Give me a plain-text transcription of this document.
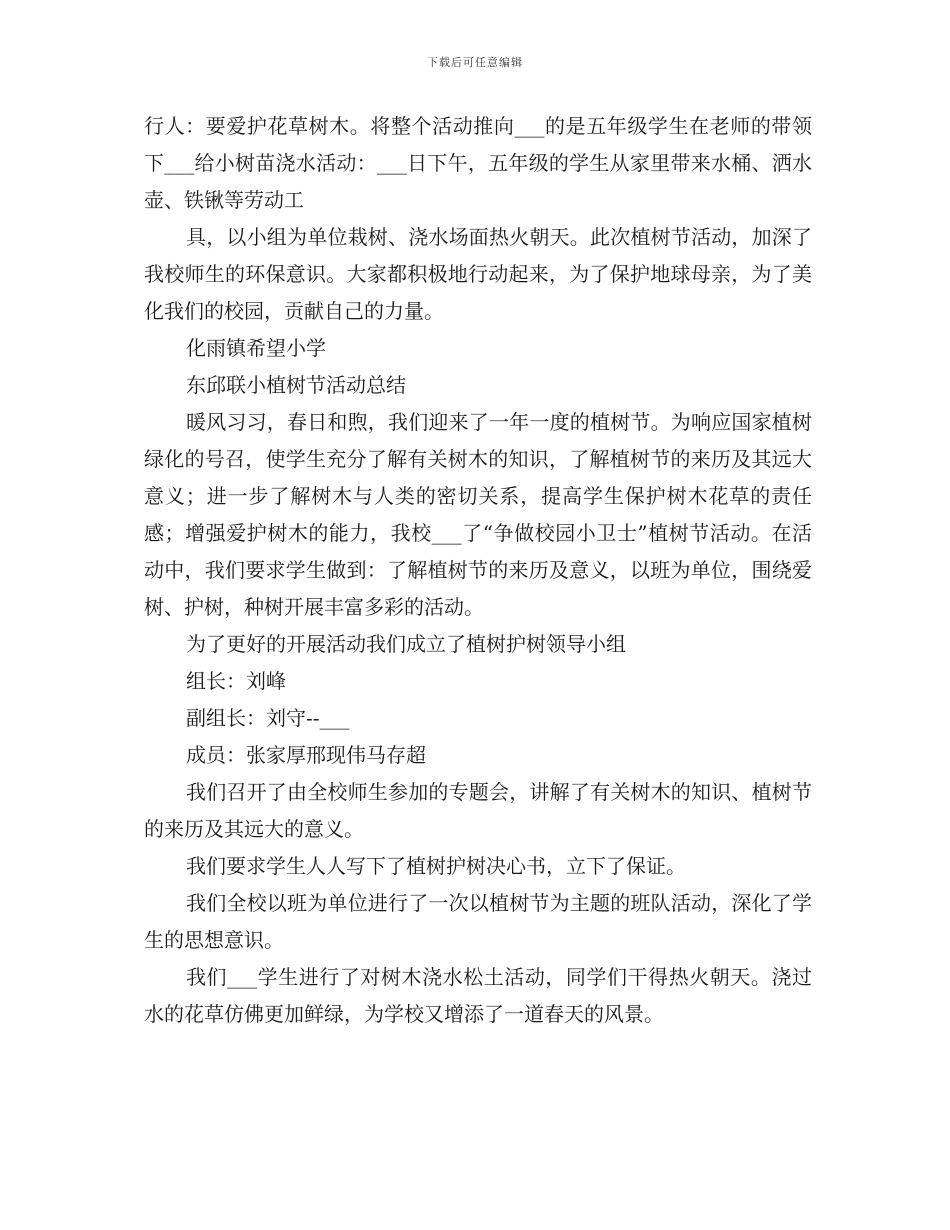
下载后可任意编辑

行人：要爱护花草树木。将整个活动推向___的是五年级学生在老师的带领下___给小树苗浇水活动：___日下午，五年级的学生从家里带来水桶、洒水壶、铁锹等劳动工

具，以小组为单位栽树、浇水场面热火朝天。此次植树节活动，加深了我校师生的环保意识。大家都积极地行动起来，为了保护地球母亲，为了美化我们的校园，贡献自己的力量。

化雨镇希望小学

东邱联小植树节活动总结

暖风习习，春日和煦，我们迎来了一年一度的植树节。为响应国家植树绿化的号召，使学生充分了解有关树木的知识，了解植树节的来历及其远大意义；进一步了解树木与人类的密切关系，提高学生保护树木花草的责任感；增强爱护树木的能力，我校___了“争做校园小卫士”植树节活动。在活动中，我们要求学生做到：了解植树节的来历及意义，以班为单位，围绕爱树、护树，种树开展丰富多彩的活动。

为了更好的开展活动我们成立了植树护树领导小组

组长：刘峰

副组长：刘守--___

成员：张家厚邢现伟马存超

我们召开了由全校师生参加的专题会，讲解了有关树木的知识、植树节的来历及其远大的意义。

我们要求学生人人写下了植树护树决心书，立下了保证。

我们全校以班为单位进行了一次以植树节为主题的班队活动，深化了学生的思想意识。

我们___学生进行了对树木浇水松土活动，同学们干得热火朝天。浇过水的花草仿佛更加鲜绿，为学校又增添了一道春天的风景。
